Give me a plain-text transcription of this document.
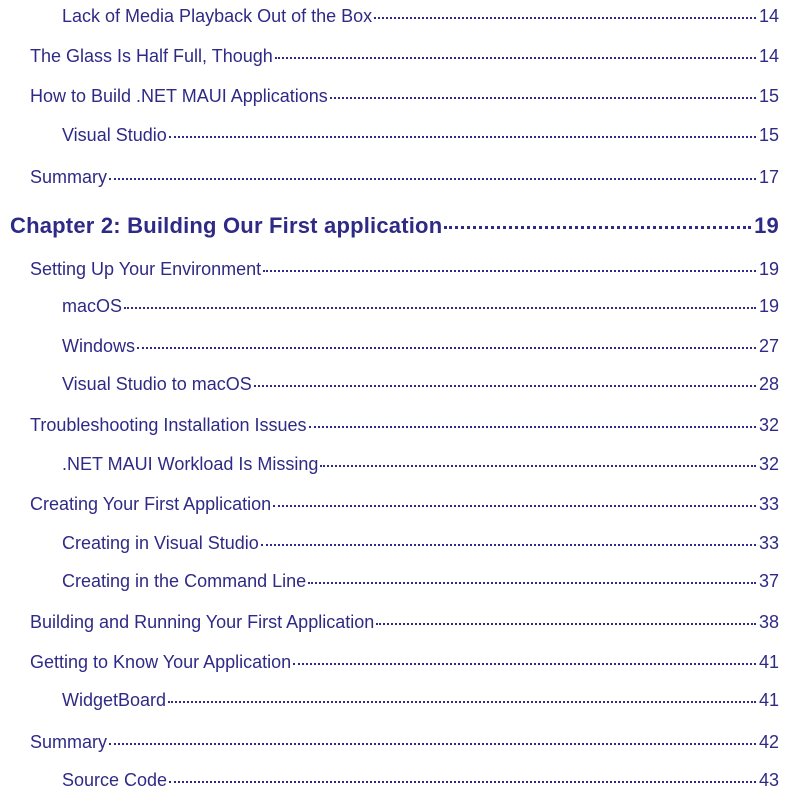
Lack of Media Playback Out of the Box	14
The Glass Is Half Full, Though	14
How to Build .NET MAUI Applications	15
Visual Studio	15
Summary	17
Chapter 2: Building Our First application	19
Setting Up Your Environment	19
macOS	19
Windows	27
Visual Studio to macOS	28
Troubleshooting Installation Issues	32
.NET MAUI Workload Is Missing	32
Creating Your First Application	33
Creating in Visual Studio	33
Creating in the Command Line	37
Building and Running Your First Application	38
Getting to Know Your Application	41
WidgetBoard	41
Summary	42
Source Code	43
